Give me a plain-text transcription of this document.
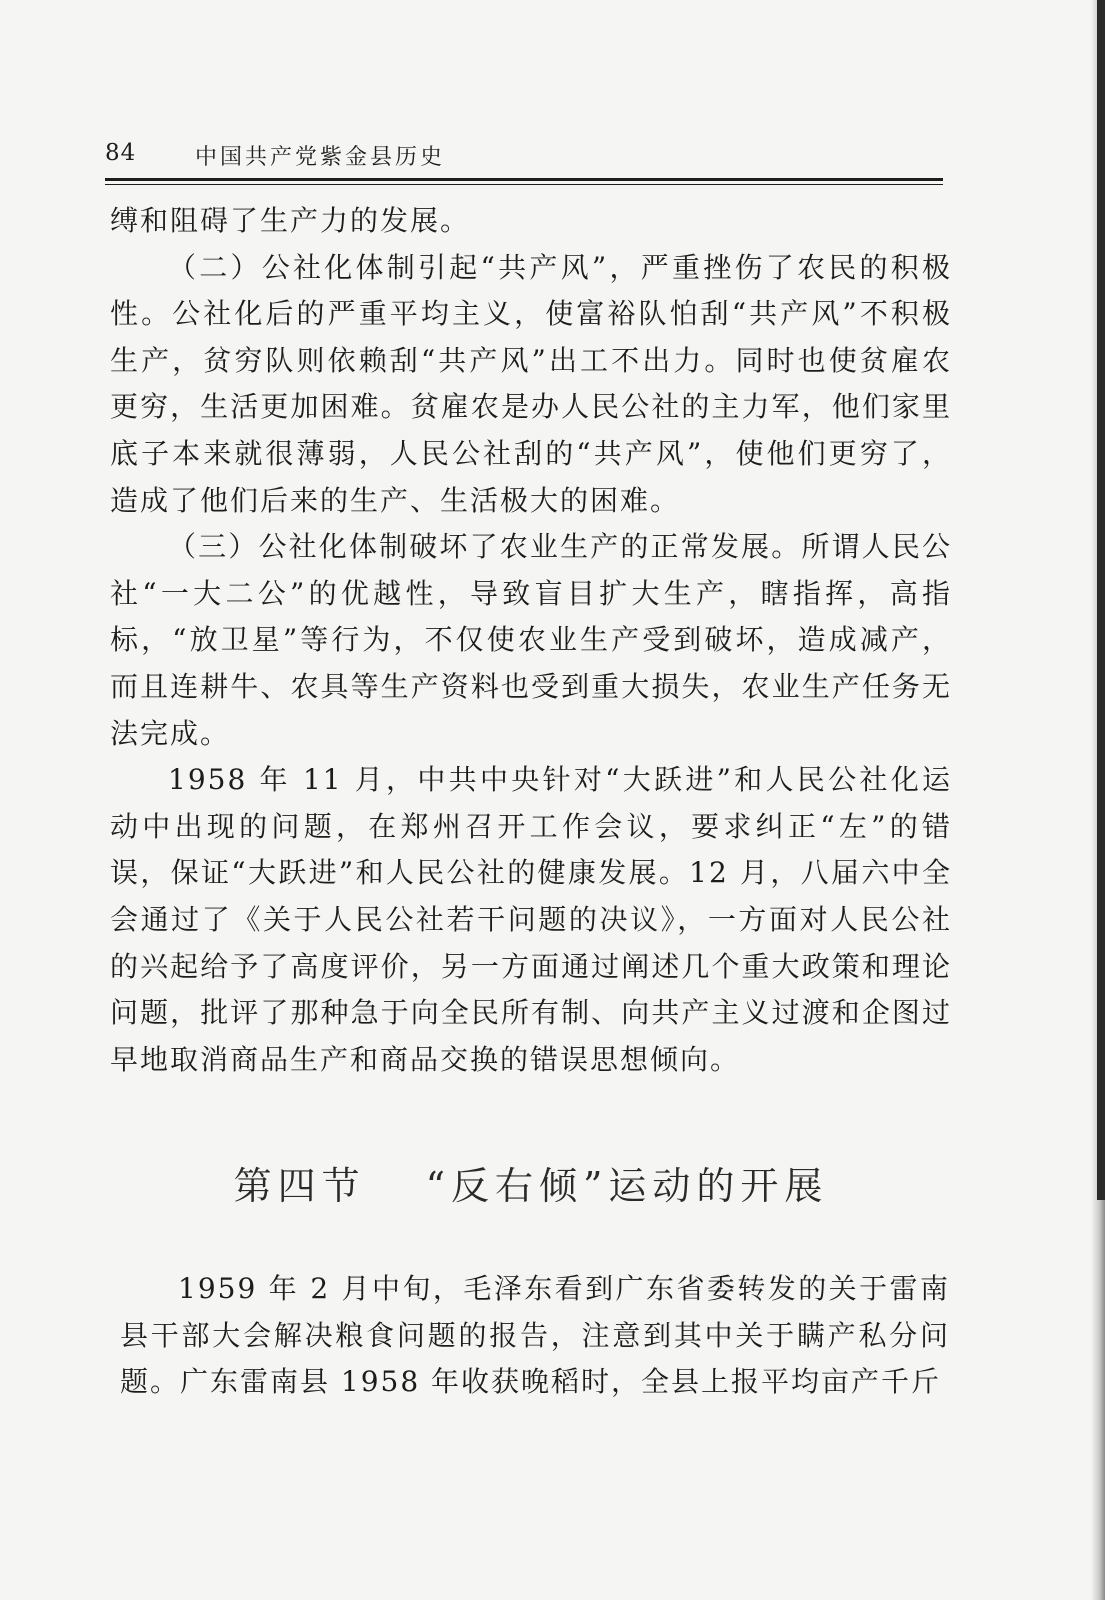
84	中国共产党紫金县历史

缚和阻碍了生产力的发展。

（二）公社化体制引起“共产风”，严重挫伤了农民的积极性。公社化后的严重平均主义，使富裕队怕刮“共产风”不积极生产，贫穷队则依赖刮“共产风”出工不出力。同时也使贫雇农更穷，生活更加困难。贫雇农是办人民公社的主力军，他们家里底子本来就很薄弱，人民公社刮的“共产风”，使他们更穷了，造成了他们后来的生产、生活极大的困难。

（三）公社化体制破坏了农业生产的正常发展。所谓人民公社“一大二公”的优越性，导致盲目扩大生产，瞎指挥，高指标，“放卫星”等行为，不仅使农业生产受到破坏，造成减产，而且连耕牛、农具等生产资料也受到重大损失，农业生产任务无法完成。

1958 年 11 月，中共中央针对“大跃进”和人民公社化运动中出现的问题，在郑州召开工作会议，要求纠正“左”的错误，保证“大跃进”和人民公社的健康发展。12 月，八届六中全会通过了《关于人民公社若干问题的决议》，一方面对人民公社的兴起给予了高度评价，另一方面通过阐述几个重大政策和理论问题，批评了那种急于向全民所有制、向共产主义过渡和企图过早地取消商品生产和商品交换的错误思想倾向。

第四节 “反右倾”运动的开展

1959 年 2 月中旬，毛泽东看到广东省委转发的关于雷南县干部大会解决粮食问题的报告，注意到其中关于瞒产私分问题。广东雷南县 1958 年收获晚稻时，全县上报平均亩产千斤
